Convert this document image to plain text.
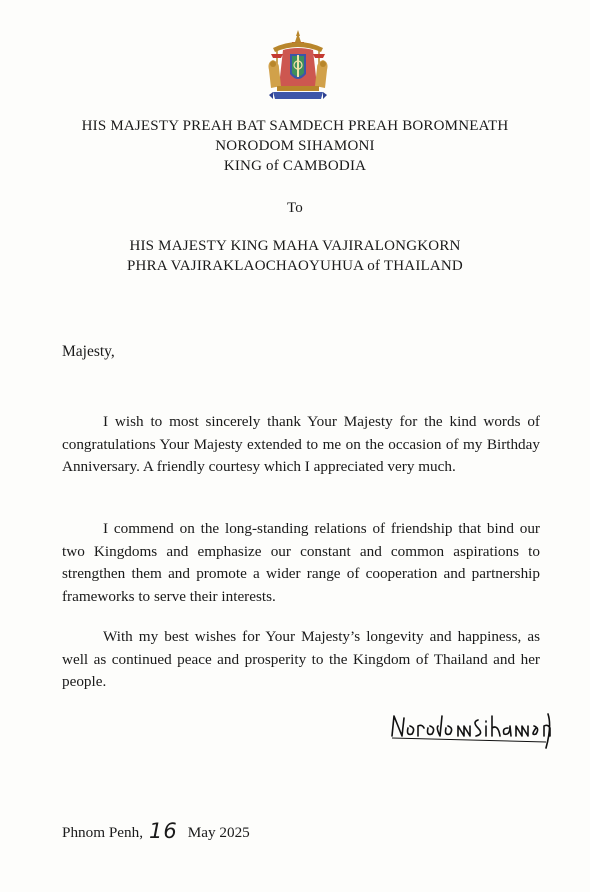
HIS MAJESTY PREAH BAT SAMDECH PREAH BOROMNEATH
NORODOM SIHAMONI
KING of CAMBODIA
To
HIS MAJESTY KING MAHA VAJIRALONGKORN
PHRA VAJIRAKLAOCHAOYUHUA of THAILAND
Majesty,

I wish to most sincerely thank Your Majesty for the kind words of congratulations Your Majesty extended to me on the occasion of my Birthday Anniversary. A friendly courtesy which I appreciated very much.

I commend on the long-standing relations of friendship that bind our two Kingdoms and emphasize our constant and common aspirations to strengthen them and promote a wider range of cooperation and partnership frameworks to serve their interests.

With my best wishes for Your Majesty’s longevity and happiness, as well as continued peace and prosperity to the Kingdom of Thailand and her people.

Phnom Penh, 16 May 2025
